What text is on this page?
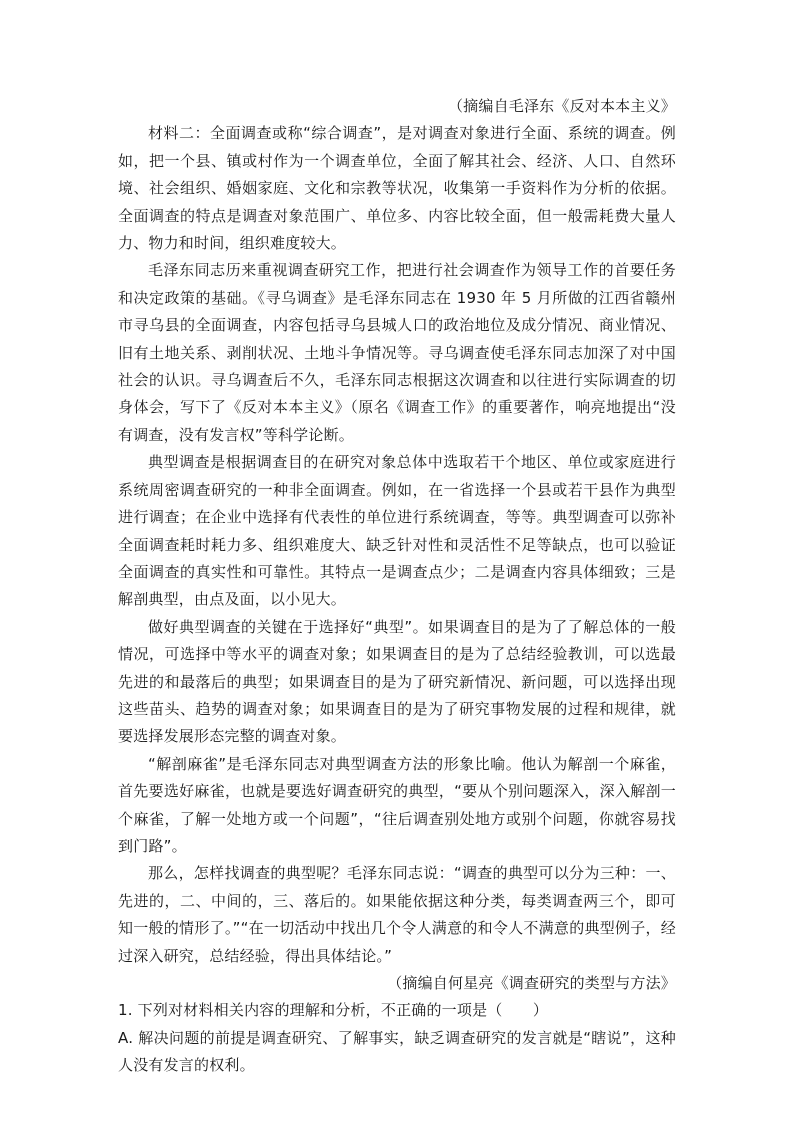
（摘编自毛泽东《反对本本主义》

材料二：全面调查或称“综合调查”，是对调查对象进行全面、系统的调查。例如，把一个县、镇或村作为一个调查单位，全面了解其社会、经济、人口、自然环境、社会组织、婚姻家庭、文化和宗教等状况，收集第一手资料作为分析的依据。全面调查的特点是调查对象范围广、单位多、内容比较全面，但一般需耗费大量人力、物力和时间，组织难度较大。

毛泽东同志历来重视调查研究工作，把进行社会调查作为领导工作的首要任务和决定政策的基础。《寻乌调查》是毛泽东同志在 1930 年 5 月所做的江西省赣州市寻乌县的全面调查，内容包括寻乌县城人口的政治地位及成分情况、商业情况、旧有土地关系、剥削状况、土地斗争情况等。寻乌调查使毛泽东同志加深了对中国社会的认识。寻乌调查后不久，毛泽东同志根据这次调查和以往进行实际调查的切身体会，写下了《反对本本主义》（原名《调查工作》的重要著作，响亮地提出“没有调查，没有发言权”等科学论断。

典型调查是根据调查目的在研究对象总体中选取若干个地区、单位或家庭进行系统周密调查研究的一种非全面调查。例如，在一省选择一个县或若干县作为典型进行调查；在企业中选择有代表性的单位进行系统调查，等等。典型调查可以弥补全面调查耗时耗力多、组织难度大、缺乏针对性和灵活性不足等缺点，也可以验证全面调查的真实性和可靠性。其特点一是调查点少；二是调查内容具体细致；三是解剖典型，由点及面，以小见大。

做好典型调查的关键在于选择好“典型”。如果调查目的是为了了解总体的一般情况，可选择中等水平的调查对象；如果调查目的是为了总结经验教训，可以选最先进的和最落后的典型；如果调查目的是为了研究新情况、新问题，可以选择出现这些苗头、趋势的调查对象；如果调查目的是为了研究事物发展的过程和规律，就要选择发展形态完整的调查对象。

“解剖麻雀”是毛泽东同志对典型调查方法的形象比喻。他认为解剖一个麻雀，首先要选好麻雀，也就是要选好调查研究的典型，“要从个别问题深入，深入解剖一个麻雀，了解一处地方或一个问题”，“往后调查别处地方或别个问题，你就容易找到门路”。

那么，怎样找调查的典型呢？毛泽东同志说：“调查的典型可以分为三种：一、先进的，二、中间的，三、落后的。如果能依据这种分类，每类调查两三个，即可知一般的情形了。”“在一切活动中找出几个令人满意的和令人不满意的典型例子，经过深入研究，总结经验，得出具体结论。”

（摘编自何星亮《调查研究的类型与方法》

1. 下列对材料相关内容的理解和分析，不正确的一项是（　　）

A. 解决问题的前提是调查研究、了解事实，缺乏调查研究的发言就是“瞎说”，这种人没有发言的权利。
